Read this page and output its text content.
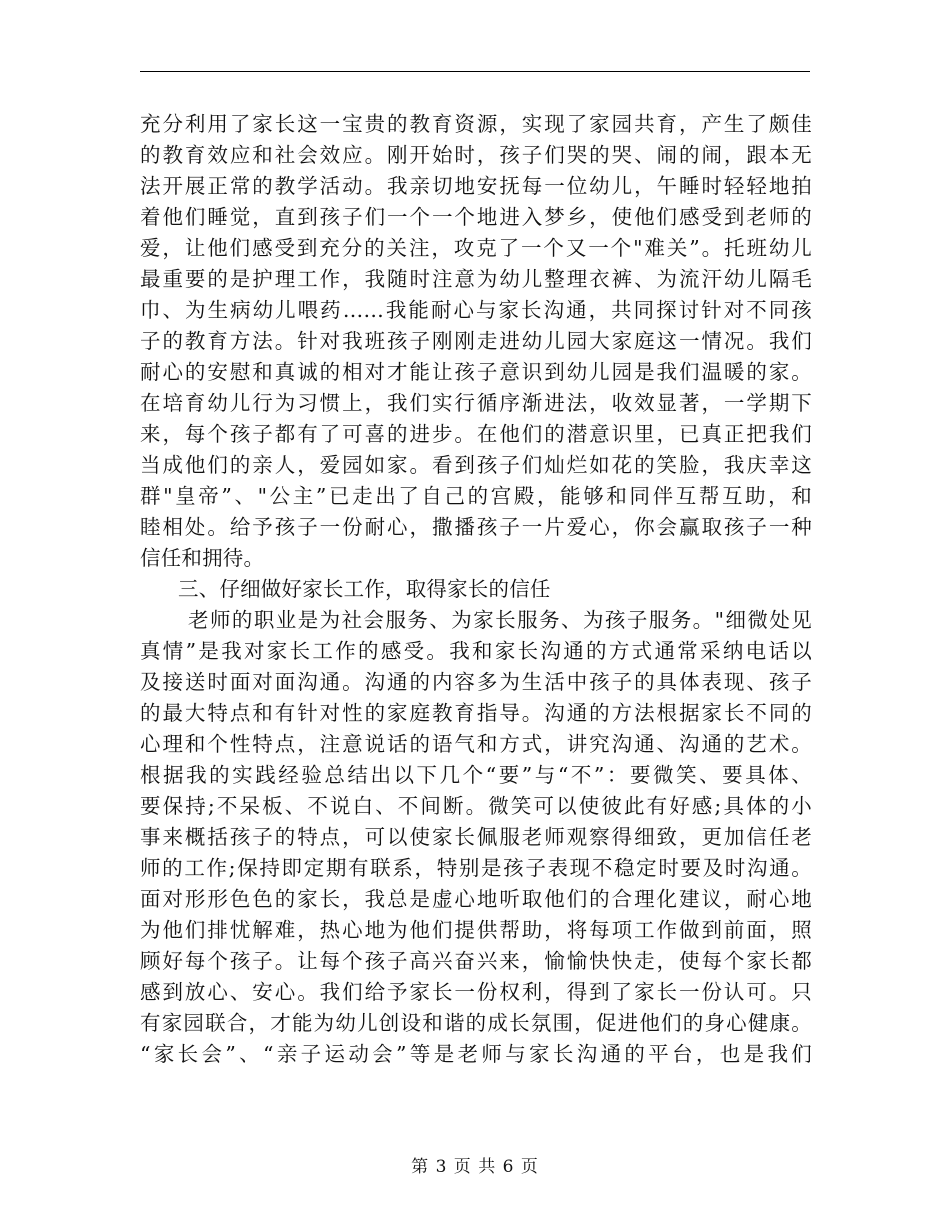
充分利用了家长这一宝贵的教育资源，实现了家园共育，产生了颇佳
的教育效应和社会效应。刚开始时，孩子们哭的哭、闹的闹，跟本无
法开展正常的教学活动。我亲切地安抚每一位幼儿，午睡时轻轻地拍
着他们睡觉，直到孩子们一个一个地进入梦乡，使他们感受到老师的
爱，让他们感受到充分的关注，攻克了一个又一个"难关”。托班幼儿
最重要的是护理工作，我随时注意为幼儿整理衣裤、为流汗幼儿隔毛
巾、为生病幼儿喂药……我能耐心与家长沟通，共同探讨针对不同孩
子的教育方法。针对我班孩子刚刚走进幼儿园大家庭这一情况。我们
耐心的安慰和真诚的相对才能让孩子意识到幼儿园是我们温暖的家。
在培育幼儿行为习惯上，我们实行循序渐进法，收效显著，一学期下
来，每个孩子都有了可喜的进步。在他们的潜意识里，已真正把我们
当成他们的亲人，爱园如家。看到孩子们灿烂如花的笑脸，我庆幸这
群"皇帝”、"公主”已走出了自己的宫殿，能够和同伴互帮互助，和
睦相处。给予孩子一份耐心，撒播孩子一片爱心，你会赢取孩子一种
信任和拥待。
三、仔细做好家长工作，取得家长的信任
老师的职业是为社会服务、为家长服务、为孩子服务。"细微处见
真情”是我对家长工作的感受。我和家长沟通的方式通常采纳电话以
及接送时面对面沟通。沟通的内容多为生活中孩子的具体表现、孩子
的最大特点和有针对性的家庭教育指导。沟通的方法根据家长不同的
心理和个性特点，注意说话的语气和方式，讲究沟通、沟通的艺术。
根据我的实践经验总结出以下几个“要”与“不”：要微笑、要具体、
要保持;不呆板、不说白、不间断。微笑可以使彼此有好感;具体的小
事来概括孩子的特点，可以使家长佩服老师观察得细致，更加信任老
师的工作;保持即定期有联系，特别是孩子表现不稳定时要及时沟通。
面对形形色色的家长，我总是虚心地听取他们的合理化建议，耐心地
为他们排忧解难，热心地为他们提供帮助，将每项工作做到前面，照
顾好每个孩子。让每个孩子高兴奋兴来，愉愉快快走，使每个家长都
感到放心、安心。我们给予家长一份权利，得到了家长一份认可。只
有家园联合，才能为幼儿创设和谐的成长氛围，促进他们的身心健康。
“家长会”、“亲子运动会”等是老师与家长沟通的平台，也是我们
第 3 页 共 6 页
